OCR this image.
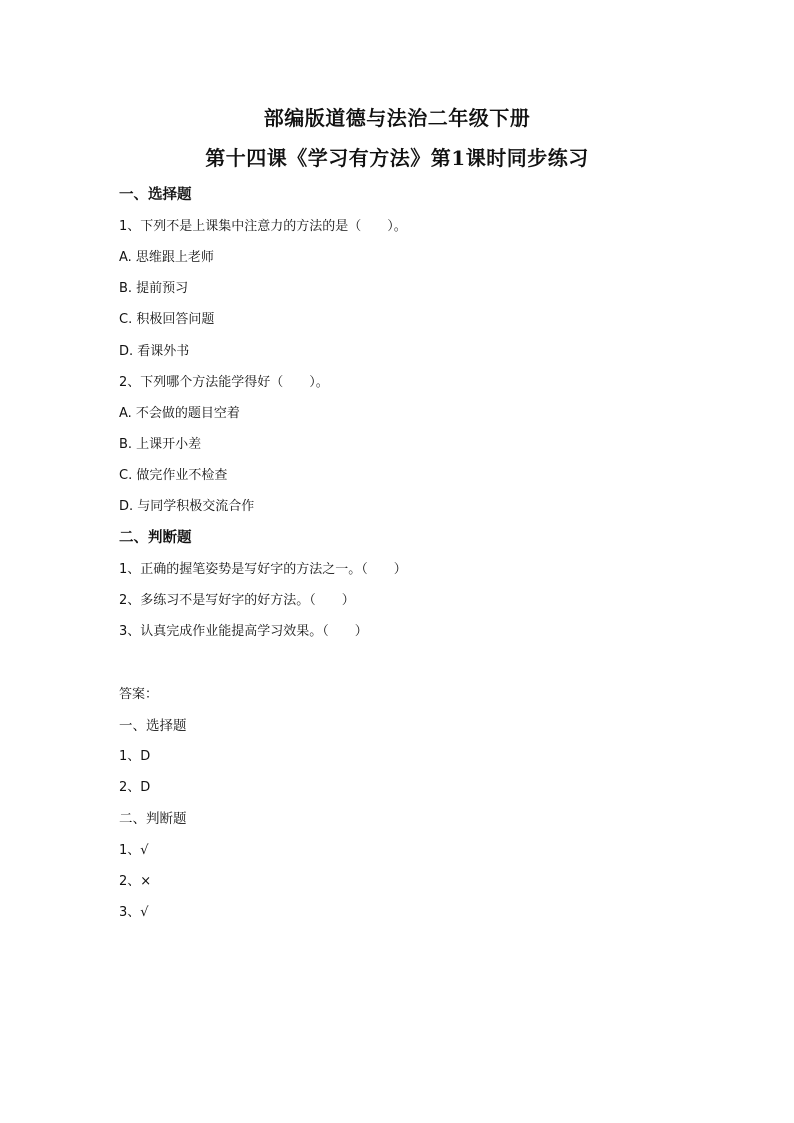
部编版道德与法治二年级下册
第十四课《学习有方法》第1课时同步练习
一、选择题
1、下列不是上课集中注意力的方法的是（　　）。
A. 思维跟上老师
B. 提前预习
C. 积极回答问题
D. 看课外书
2、下列哪个方法能学得好（　　）。
A. 不会做的题目空着
B. 上课开小差
C. 做完作业不检查
D. 与同学积极交流合作
二、判断题
1、正确的握笔姿势是写好字的方法之一。（　　）
2、多练习不是写好字的好方法。（　　）
3、认真完成作业能提高学习效果。（　　）
答案：
一、选择题
1、D
2、D
二、判断题
1、√
2、×
3、√
